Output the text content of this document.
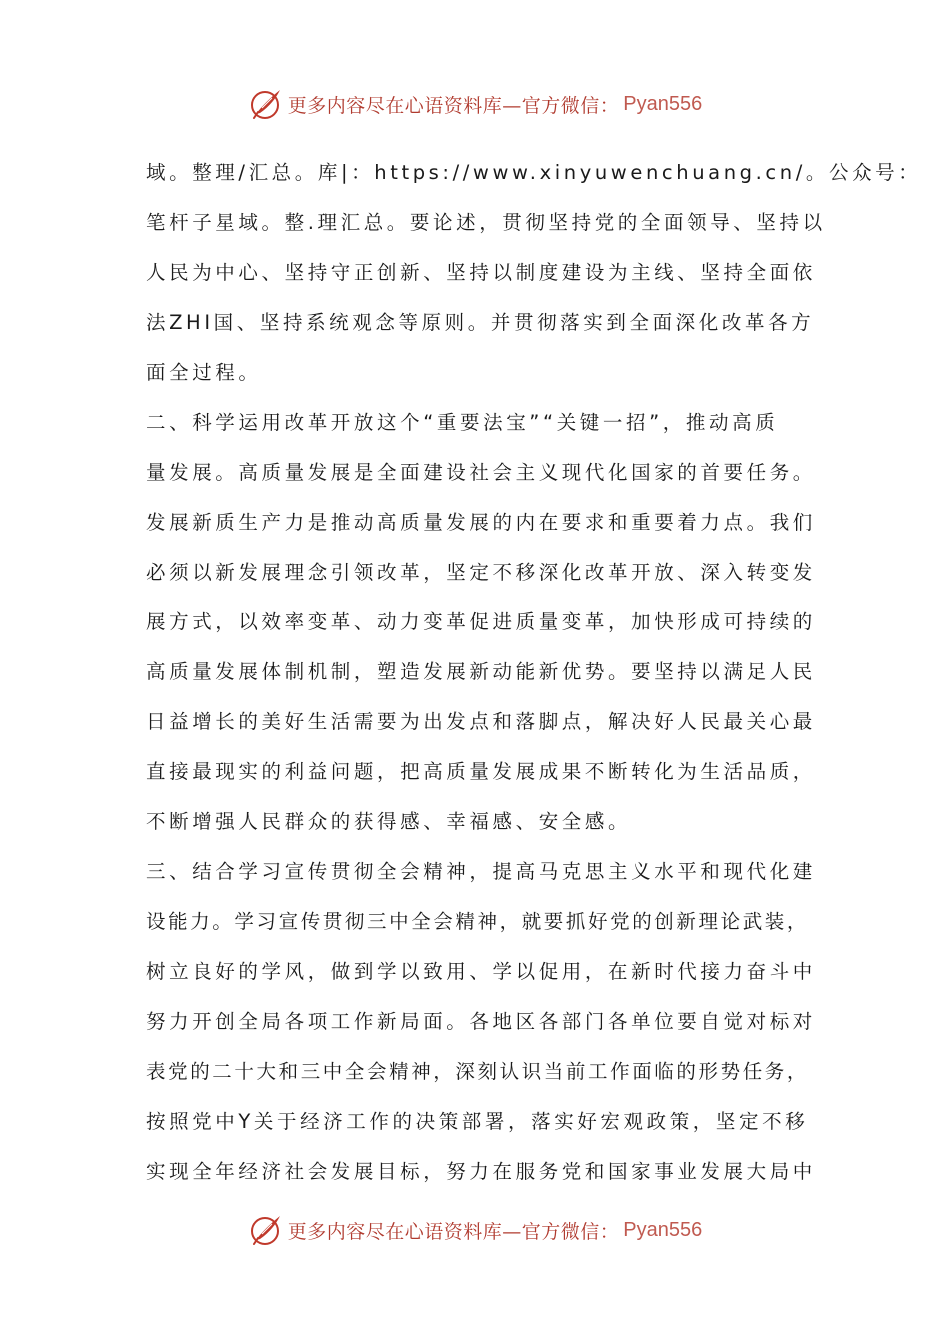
更多内容尽在心语资料库—官方微信： Pyan556
域。整理/汇总。库|：https://www.xinyuwenchuang.cn/。公众号：
笔杆子星域。整.理汇总。要论述，贯彻坚持党的全面领导、坚持以
人民为中心、坚持守正创新、坚持以制度建设为主线、坚持全面依
法ZHI国、坚持系统观念等原则。并贯彻落实到全面深化改革各方
面全过程。
二、科学运用改革开放这个“重要法宝”“关键一招”，推动高质
量发展。高质量发展是全面建设社会主义现代化国家的首要任务。
发展新质生产力是推动高质量发展的内在要求和重要着力点。我们
必须以新发展理念引领改革，坚定不移深化改革开放、深入转变发
展方式，以效率变革、动力变革促进质量变革，加快形成可持续的
高质量发展体制机制，塑造发展新动能新优势。要坚持以满足人民
日益增长的美好生活需要为出发点和落脚点，解决好人民最关心最
直接最现实的利益问题，把高质量发展成果不断转化为生活品质，
不断增强人民群众的获得感、幸福感、安全感。
三、结合学习宣传贯彻全会精神，提高马克思主义水平和现代化建
设能力。学习宣传贯彻三中全会精神，就要抓好党的创新理论武装，
树立良好的学风，做到学以致用、学以促用，在新时代接力奋斗中
努力开创全局各项工作新局面。各地区各部门各单位要自觉对标对
表党的二十大和三中全会精神，深刻认识当前工作面临的形势任务，
按照党中Y关于经济工作的决策部署，落实好宏观政策，坚定不移
实现全年经济社会发展目标，努力在服务党和国家事业发展大局中
更多内容尽在心语资料库—官方微信： Pyan556
